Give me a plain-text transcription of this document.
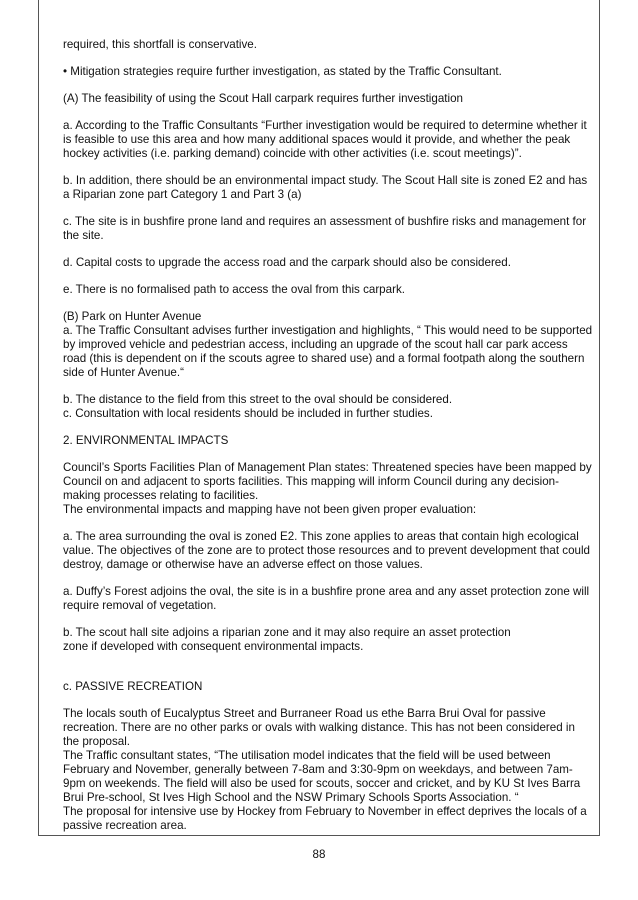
required, this shortfall is conservative.

• Mitigation strategies require further investigation, as stated by the Traffic Consultant.

(A) The feasibility of using the Scout Hall carpark requires further investigation

a. According to the Traffic Consultants “Further investigation would be required to determine whether it is feasible to use this area and how many additional spaces would it provide, and whether the peak hockey activities (i.e. parking demand) coincide with other activities (i.e. scout meetings)”.

b. In addition, there should be an environmental impact study. The Scout Hall site is zoned E2 and has a Riparian zone part Category 1 and Part 3 (a)

c. The site is in bushfire prone land and requires an assessment of bushfire risks and management for the site.

d. Capital costs to upgrade the access road and the carpark should also be considered.

e. There is no formalised path to access the oval from this carpark.

(B) Park on Hunter Avenue
a. The Traffic Consultant advises further investigation and highlights, “ This would need to be supported by improved vehicle and pedestrian access, including an upgrade of the scout hall car park access road (this is dependent on if the scouts agree to shared use) and a formal footpath along the southern side of Hunter Avenue.“

b. The distance to the field from this street to the oval should be considered.
c. Consultation with local residents should be included in further studies.

2. ENVIRONMENTAL IMPACTS

Council’s Sports Facilities Plan of Management Plan states: Threatened species have been mapped by Council on and adjacent to sports facilities. This mapping will inform Council during any decision-making processes relating to facilities.
The environmental impacts and mapping have not been given proper evaluation:

a. The area surrounding the oval is zoned E2. This zone applies to areas that contain high ecological value. The objectives of the zone are to protect those resources and to prevent development that could destroy, damage or otherwise have an adverse effect on those values.

a. Duffy’s Forest adjoins the oval, the site is in a bushfire prone area and any asset protection zone will require removal of vegetation.

b. The scout hall site adjoins a riparian zone and it may also require an asset protection
zone if developed with consequent environmental impacts.

c. PASSIVE RECREATION

The locals south of Eucalyptus Street and Burraneer Road us ethe Barra Brui Oval for passive recreation. There are no other parks or ovals with walking distance. This has not been considered in the proposal.
The Traffic consultant states, “The utilisation model indicates that the field will be used between February and November, generally between 7-8am and 3:30-9pm on weekdays, and between 7am-9pm on weekends. The field will also be used for scouts, soccer and cricket, and by KU St Ives Barra Brui Pre-school, St Ives High School and the NSW Primary Schools Sports Association. “
The proposal for intensive use by Hockey from February to November in effect deprives the locals of a passive recreation area.

88
